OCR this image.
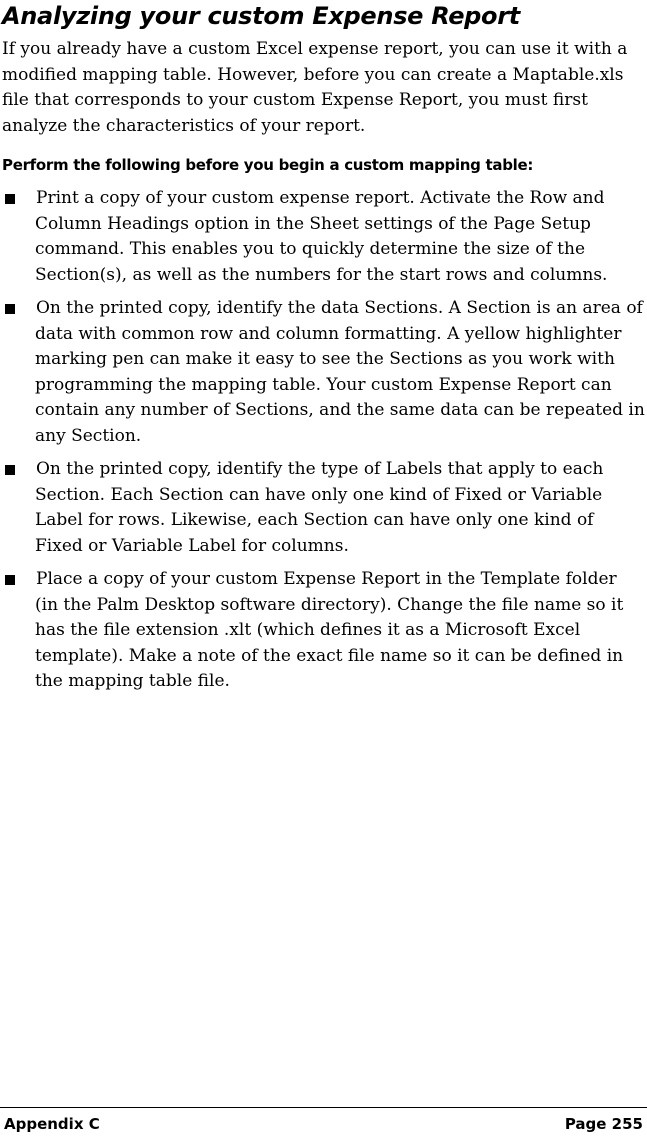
Analyzing your custom Expense Report

If you already have a custom Excel expense report, you can use it with a modified mapping table. However, before you can create a Maptable.xls file that corresponds to your custom Expense Report, you must first analyze the characteristics of your report.

Perform the following before you begin a custom mapping table:

Print a copy of your custom expense report. Activate the Row and Column Headings option in the Sheet settings of the Page Setup command. This enables you to quickly determine the size of the Section(s), as well as the numbers for the start rows and columns.
On the printed copy, identify the data Sections. A Section is an area of data with common row and column formatting. A yellow highlighter marking pen can make it easy to see the Sections as you work with programming the mapping table. Your custom Expense Report can contain any number of Sections, and the same data can be repeated in any Section.
On the printed copy, identify the type of Labels that apply to each Section. Each Section can have only one kind of Fixed or Variable Label for rows. Likewise, each Section can have only one kind of Fixed or Variable Label for columns.
Place a copy of your custom Expense Report in the Template folder (in the Palm Desktop software directory). Change the file name so it has the file extension .xlt (which defines it as a Microsoft Excel template). Make a note of the exact file name so it can be defined in the mapping table file.
Appendix C	Page 255
